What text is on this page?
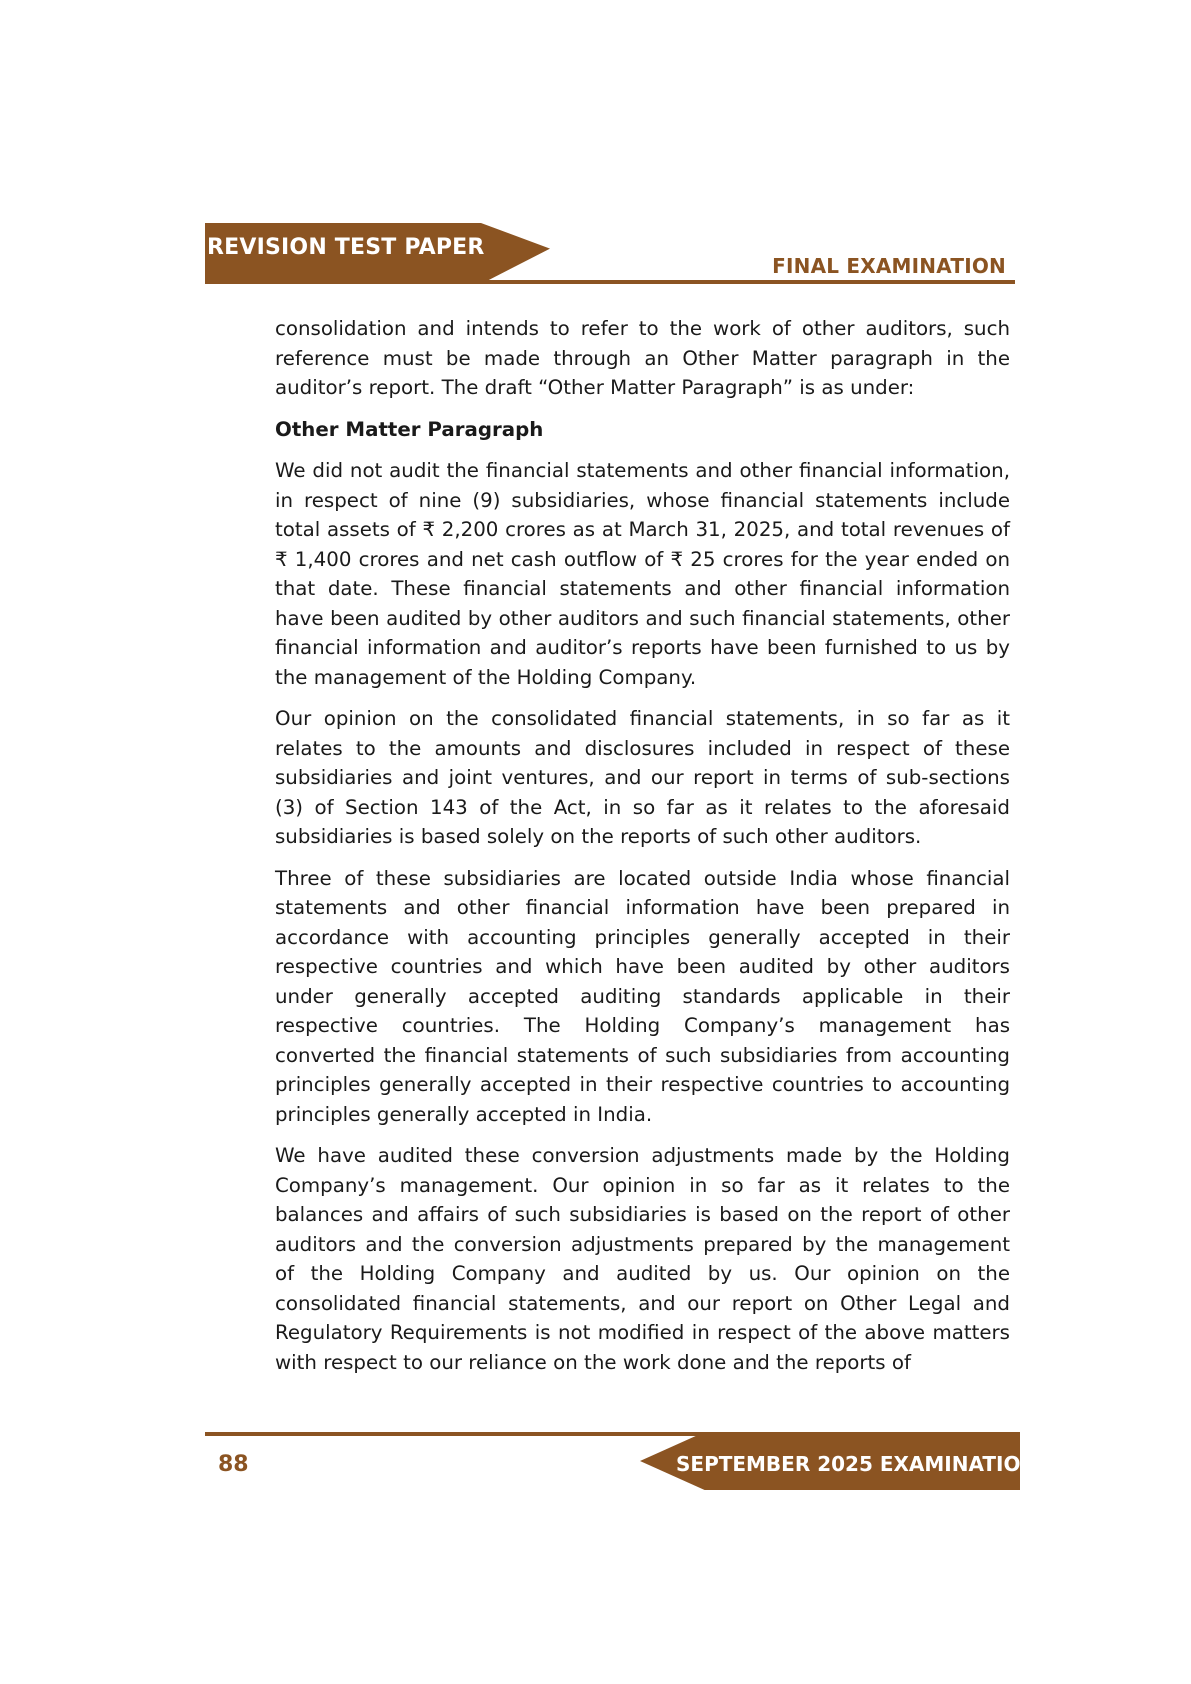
REVISION TEST PAPER
FINAL EXAMINATION

consolidation and intends to refer to the work of other auditors, such reference must be made through an Other Matter paragraph in the auditor’s report. The draft “Other Matter Paragraph” is as under:

Other Matter Paragraph

We did not audit the financial statements and other financial information, in respect of nine (9) subsidiaries, whose financial statements include total assets of ₹ 2,200 crores as at March 31, 2025, and total revenues of ₹ 1,400 crores and net cash outflow of ₹ 25 crores for the year ended on that date. These financial statements and other financial information have been audited by other auditors and such financial statements, other financial information and auditor’s reports have been furnished to us by the management of the Holding Company.

Our opinion on the consolidated financial statements, in so far as it relates to the amounts and disclosures included in respect of these subsidiaries and joint ventures, and our report in terms of sub-sections (3) of Section 143 of the Act, in so far as it relates to the aforesaid subsidiaries is based solely on the reports of such other auditors.

Three of these subsidiaries are located outside India whose financial statements and other financial information have been prepared in accordance with accounting principles generally accepted in their respective countries and which have been audited by other auditors under generally accepted auditing standards applicable in their respective countries. The Holding Company’s management has converted the financial statements of such subsidiaries from accounting principles generally accepted in their respective countries to accounting principles generally accepted in India.

We have audited these conversion adjustments made by the Holding Company’s management. Our opinion in so far as it relates to the balances and affairs of such subsidiaries is based on the report of other auditors and the conversion adjustments prepared by the management of the Holding Company and audited by us. Our opinion on the consolidated financial statements, and our report on Other Legal and Regulatory Requirements is not modified in respect of the above matters with respect to our reliance on the work done and the reports of

SEPTEMBER 2025 EXAMINATION
88
